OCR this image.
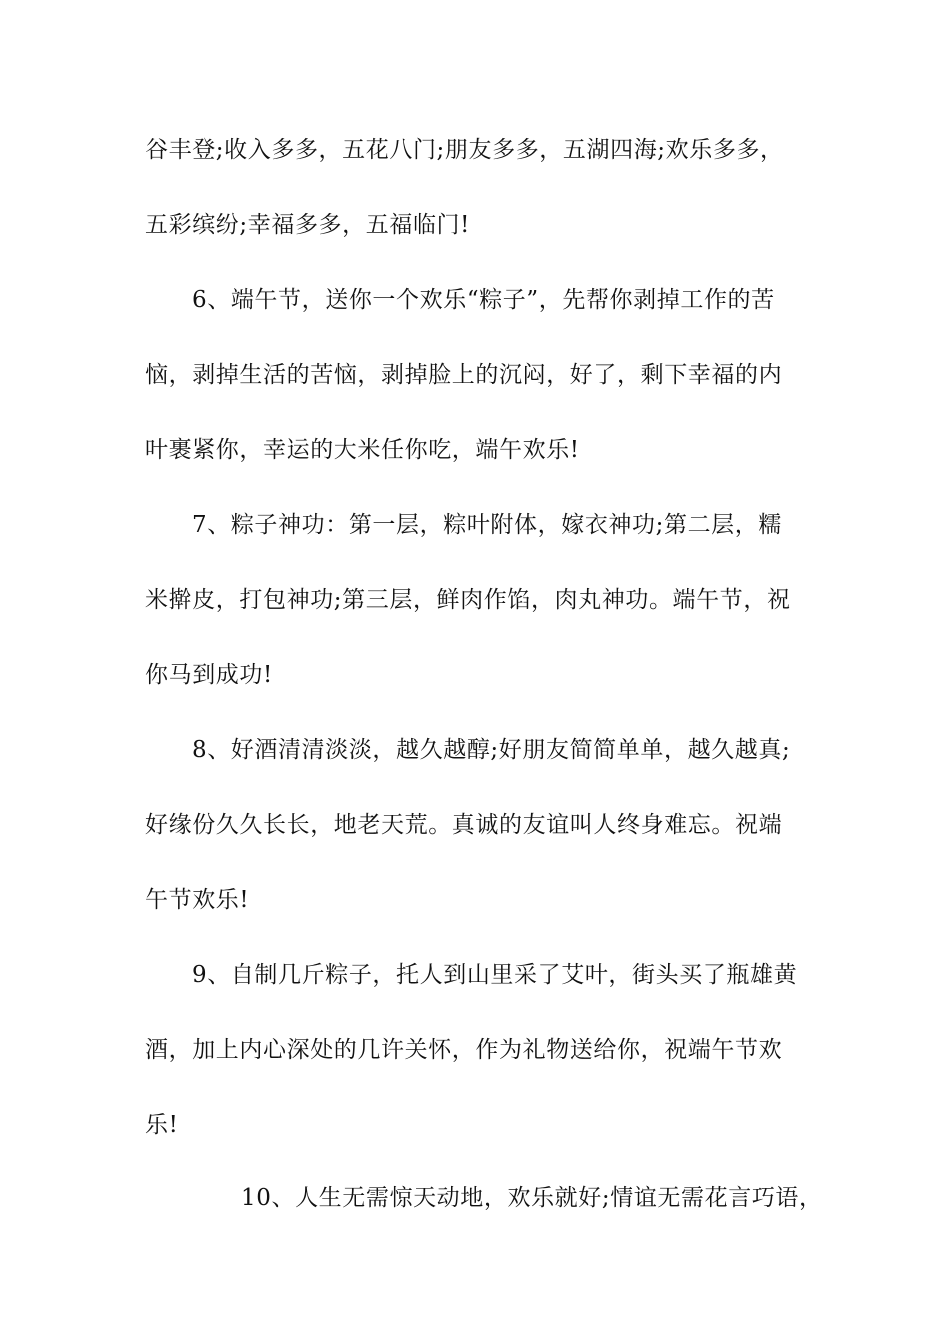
谷丰登;收入多多，五花八门;朋友多多，五湖四海;欢乐多多，
五彩缤纷;幸福多多，五福临门!
6、端午节，送你一个欢乐“粽子”，先帮你剥掉工作的苦
恼，剥掉生活的苦恼，剥掉脸上的沉闷，好了，剩下幸福的内
叶裹紧你，幸运的大米任你吃，端午欢乐!
7、粽子神功：第一层，粽叶附体，嫁衣神功;第二层，糯
米擀皮，打包神功;第三层，鲜肉作馅，肉丸神功。端午节，祝
你马到成功!
8、好酒清清淡淡，越久越醇;好朋友简简单单，越久越真;
好缘份久久长长，地老天荒。真诚的友谊叫人终身难忘。祝端
午节欢乐!
9、自制几斤粽子，托人到山里采了艾叶，街头买了瓶雄黄
酒，加上内心深处的几许关怀，作为礼物送给你，祝端午节欢
乐!
10、人生无需惊天动地，欢乐就好;情谊无需花言巧语，
